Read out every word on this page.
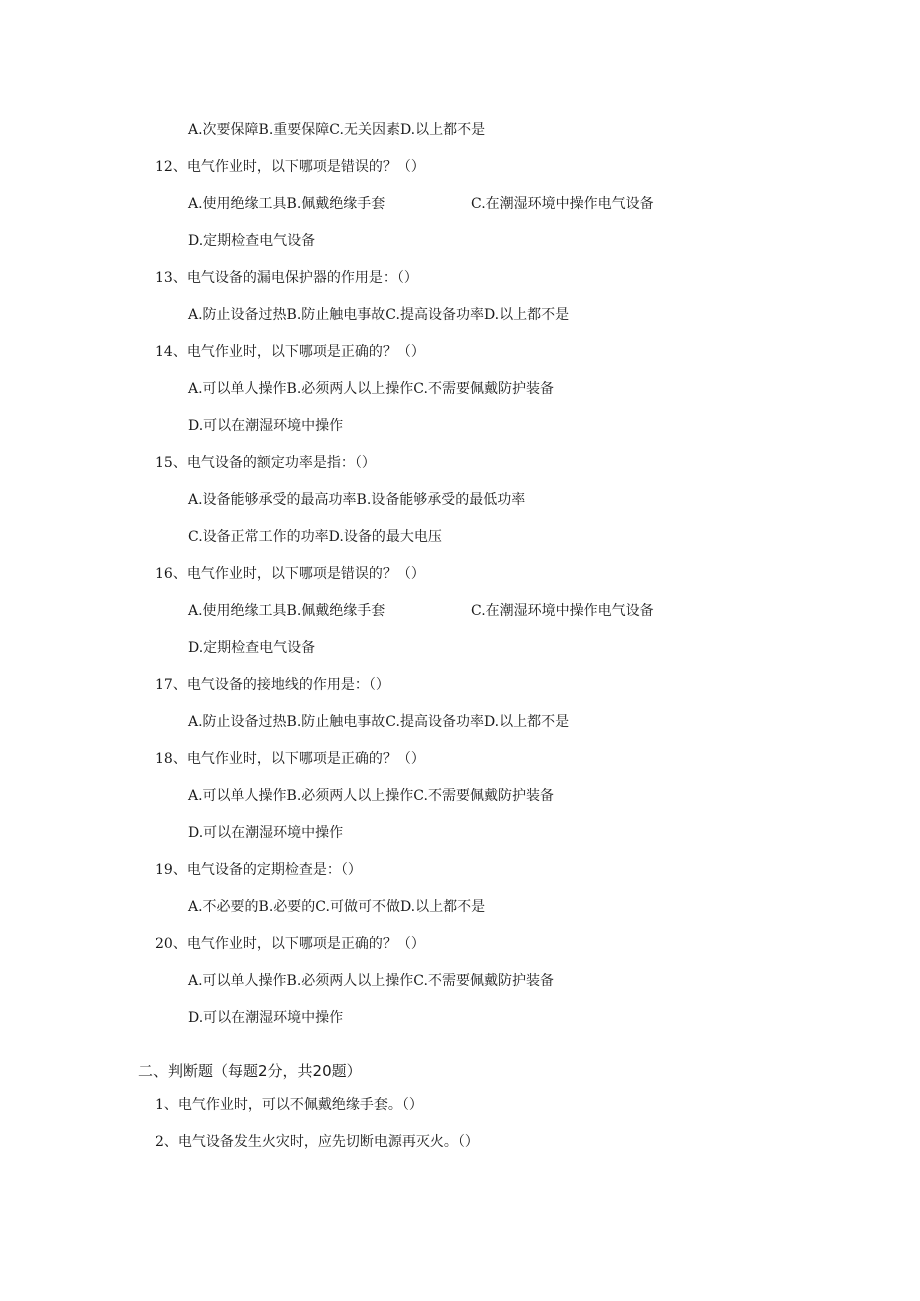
A.次要保障B.重要保障C.无关因素D.以上都不是
12、电气作业时，以下哪项是错误的？（）
A.使用绝缘工具B.佩戴绝缘手套	C.在潮湿环境中操作电气设备
D.定期检查电气设备
13、电气设备的漏电保护器的作用是：（）
A.防止设备过热B.防止触电事故C.提高设备功率D.以上都不是
14、电气作业时，以下哪项是正确的？（）
A.可以单人操作B.必须两人以上操作C.不需要佩戴防护装备
D.可以在潮湿环境中操作
15、电气设备的额定功率是指：（）
A.设备能够承受的最高功率B.设备能够承受的最低功率
C.设备正常工作的功率D.设备的最大电压
16、电气作业时，以下哪项是错误的？（）
A.使用绝缘工具B.佩戴绝缘手套	C.在潮湿环境中操作电气设备
D.定期检查电气设备
17、电气设备的接地线的作用是：（）
A.防止设备过热B.防止触电事故C.提高设备功率D.以上都不是
18、电气作业时，以下哪项是正确的？（）
A.可以单人操作B.必须两人以上操作C.不需要佩戴防护装备
D.可以在潮湿环境中操作
19、电气设备的定期检查是：（）
A.不必要的B.必要的C.可做可不做D.以上都不是
20、电气作业时，以下哪项是正确的？（）
A.可以单人操作B.必须两人以上操作C.不需要佩戴防护装备
D.可以在潮湿环境中操作
二、判断题（每题2分，共20题）
1、电气作业时，可以不佩戴绝缘手套。（）
2、电气设备发生火灾时，应先切断电源再灭火。（）
